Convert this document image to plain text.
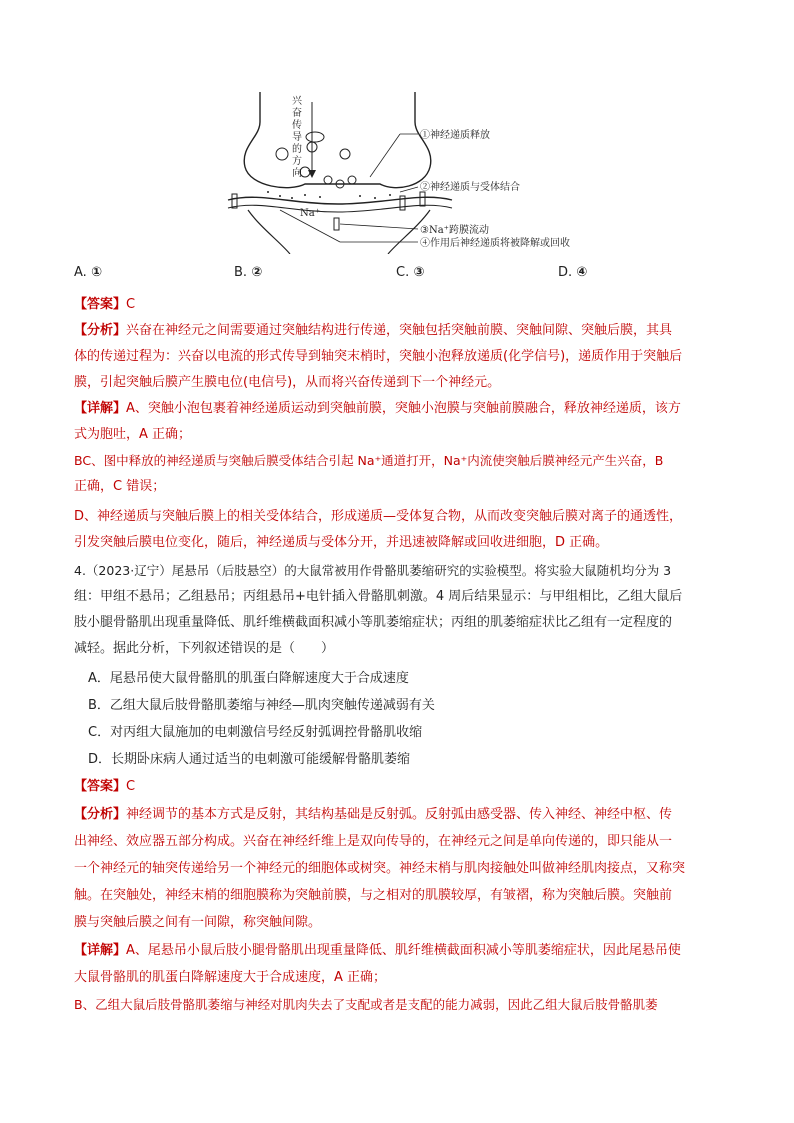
兴
奋
传
导
的
方
向
Na⁺
①神经递质释放
②神经递质与受体结合
③Na⁺跨膜流动
④作用后神经递质将被降解或回收
A. ①	B. ②	C. ③	D. ④
【答案】C
【分析】兴奋在神经元之间需要通过突触结构进行传递，突触包括突触前膜、突触间隙、突触后膜，其具
体的传递过程为：兴奋以电流的形式传导到轴突末梢时，突触小泡释放递质(化学信号)，递质作用于突触后
膜，引起突触后膜产生膜电位(电信号)，从而将兴奋传递到下一个神经元。
【详解】A、突触小泡包裹着神经递质运动到突触前膜，突触小泡膜与突触前膜融合，释放神经递质，该方
式为胞吐，A 正确；
BC、图中释放的神经递质与突触后膜受体结合引起 Na⁺通道打开，Na⁺内流使突触后膜神经元产生兴奋，B
正确，C 错误；
D、神经递质与突触后膜上的相关受体结合，形成递质—受体复合物，从而改变突触后膜对离子的通透性，
引发突触后膜电位变化，随后，神经递质与受体分开，并迅速被降解或回收进细胞，D 正确。
4.（2023·辽宁）尾悬吊（后肢悬空）的大鼠常被用作骨骼肌萎缩研究的实验模型。将实验大鼠随机均分为 3
组：甲组不悬吊；乙组悬吊；丙组悬吊+电针插入骨骼肌刺激。4 周后结果显示：与甲组相比，乙组大鼠后
肢小腿骨骼肌出现重量降低、肌纤维横截面积减小等肌萎缩症状；丙组的肌萎缩症状比乙组有一定程度的
减轻。据此分析，下列叙述错误的是（　　）
A．尾悬吊使大鼠骨骼肌的肌蛋白降解速度大于合成速度
B．乙组大鼠后肢骨骼肌萎缩与神经—肌肉突触传递减弱有关
C．对丙组大鼠施加的电刺激信号经反射弧调控骨骼肌收缩
D．长期卧床病人通过适当的电刺激可能缓解骨骼肌萎缩
【答案】C
【分析】神经调节的基本方式是反射，其结构基础是反射弧。反射弧由感受器、传入神经、神经中枢、传
出神经、效应器五部分构成。兴奋在神经纤维上是双向传导的，在神经元之间是单向传递的，即只能从一
一个神经元的轴突传递给另一个神经元的细胞体或树突。神经末梢与肌肉接触处叫做神经肌肉接点，又称突
触。在突触处，神经末梢的细胞膜称为突触前膜，与之相对的肌膜较厚，有皱褶，称为突触后膜。突触前
膜与突触后膜之间有一间隙，称突触间隙。
【详解】A、尾悬吊小鼠后肢小腿骨骼肌出现重量降低、肌纤维横截面积减小等肌萎缩症状，因此尾悬吊使
大鼠骨骼肌的肌蛋白降解速度大于合成速度，A 正确；
B、乙组大鼠后肢骨骼肌萎缩与神经对肌肉失去了支配或者是支配的能力减弱，因此乙组大鼠后肢骨骼肌萎
